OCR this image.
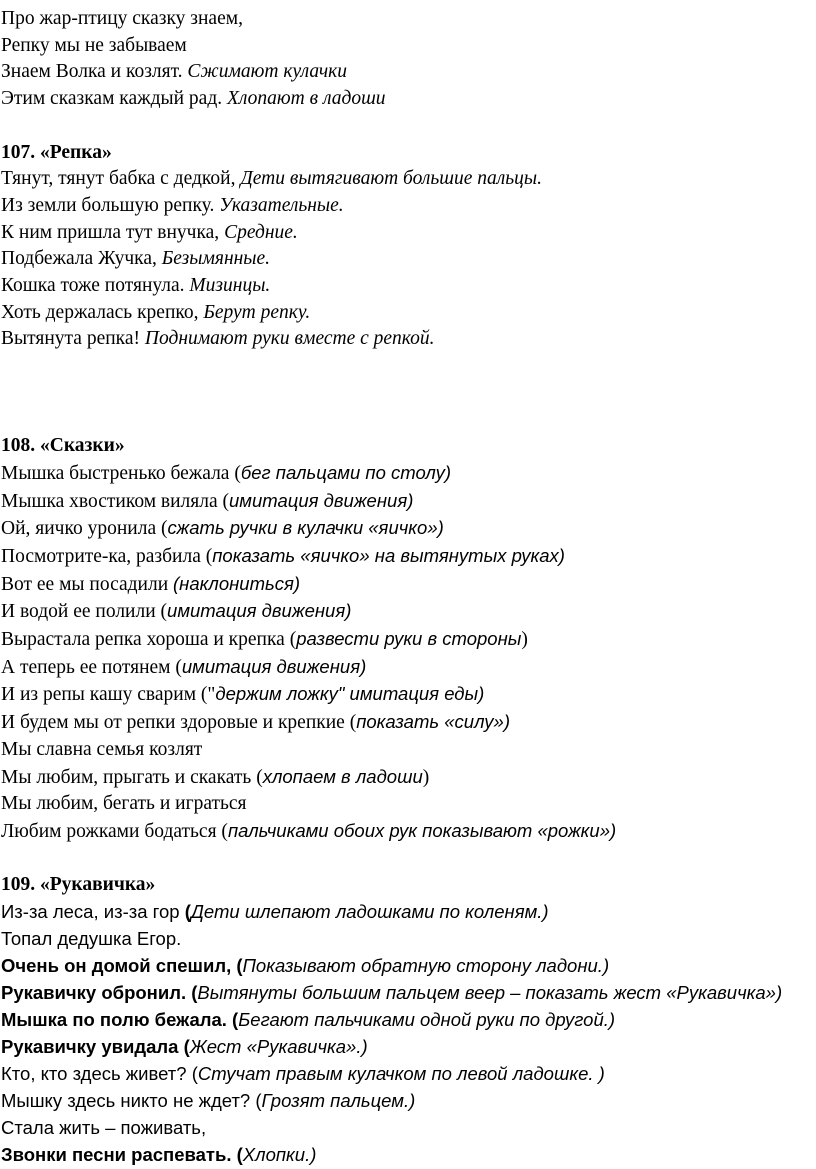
Про жар-птицу сказку знаем,
Репку мы не забываем
Знаем Волка и козлят. Сжимают кулачки
Этим сказкам каждый рад. Хлопают в ладоши
107. «Репка»
Тянут, тянут бабка с дедкой, Дети вытягивают большие пальцы.
Из земли большую репку. Указательные.
К ним пришла тут внучка, Средние.
Подбежала Жучка, Безымянные.
Кошка тоже потянула. Мизинцы.
Хоть держалась крепко, Берут репку.
Вытянута репка! Поднимают руки вместе с репкой.
108. «Сказки»
Мышка быстренько бежала (бег пальцами по столу)
Мышка хвостиком виляла (имитация движения)
Ой, яичко уронила (сжать ручки в кулачки «яичко»)
Посмотрите-ка, разбила (показать «яичко» на вытянутых руках)
Вот ее мы посадили (наклониться)
И водой ее полили (имитация движения)
Вырастала репка хороша и крепка (развести руки в стороны)
А теперь ее потянем (имитация движения)
И из репы кашу сварим ("держим ложку" имитация еды)
И будем мы от репки здоровые и крепкие (показать «силу»)
Мы славна семья козлят
Мы любим, прыгать и скакать (хлопаем в ладоши)
Мы любим, бегать и играться
Любим рожками бодаться (пальчиками обоих рук показывают «рожки»)
109. «Рукавичка»
Из-за леса, из-за гор (Дети шлепают ладошками по коленям.)
Топал дедушка Егор.
Очень он домой спешил, (Показывают обратную сторону ладони.)
Рукавичку обронил. (Вытянуты большим пальцем веер – показать жест «Рукавичка»)
Мышка по полю бежала. (Бегают пальчиками одной руки по другой.)
Рукавичку увидала (Жест «Рукавичка».)
Кто, кто здесь живет? (Стучат правым кулачком по левой ладошке. )
Мышку здесь никто не ждет? (Грозят пальцем.)
Стала жить – поживать,
Звонки песни распевать. (Хлопки.)
